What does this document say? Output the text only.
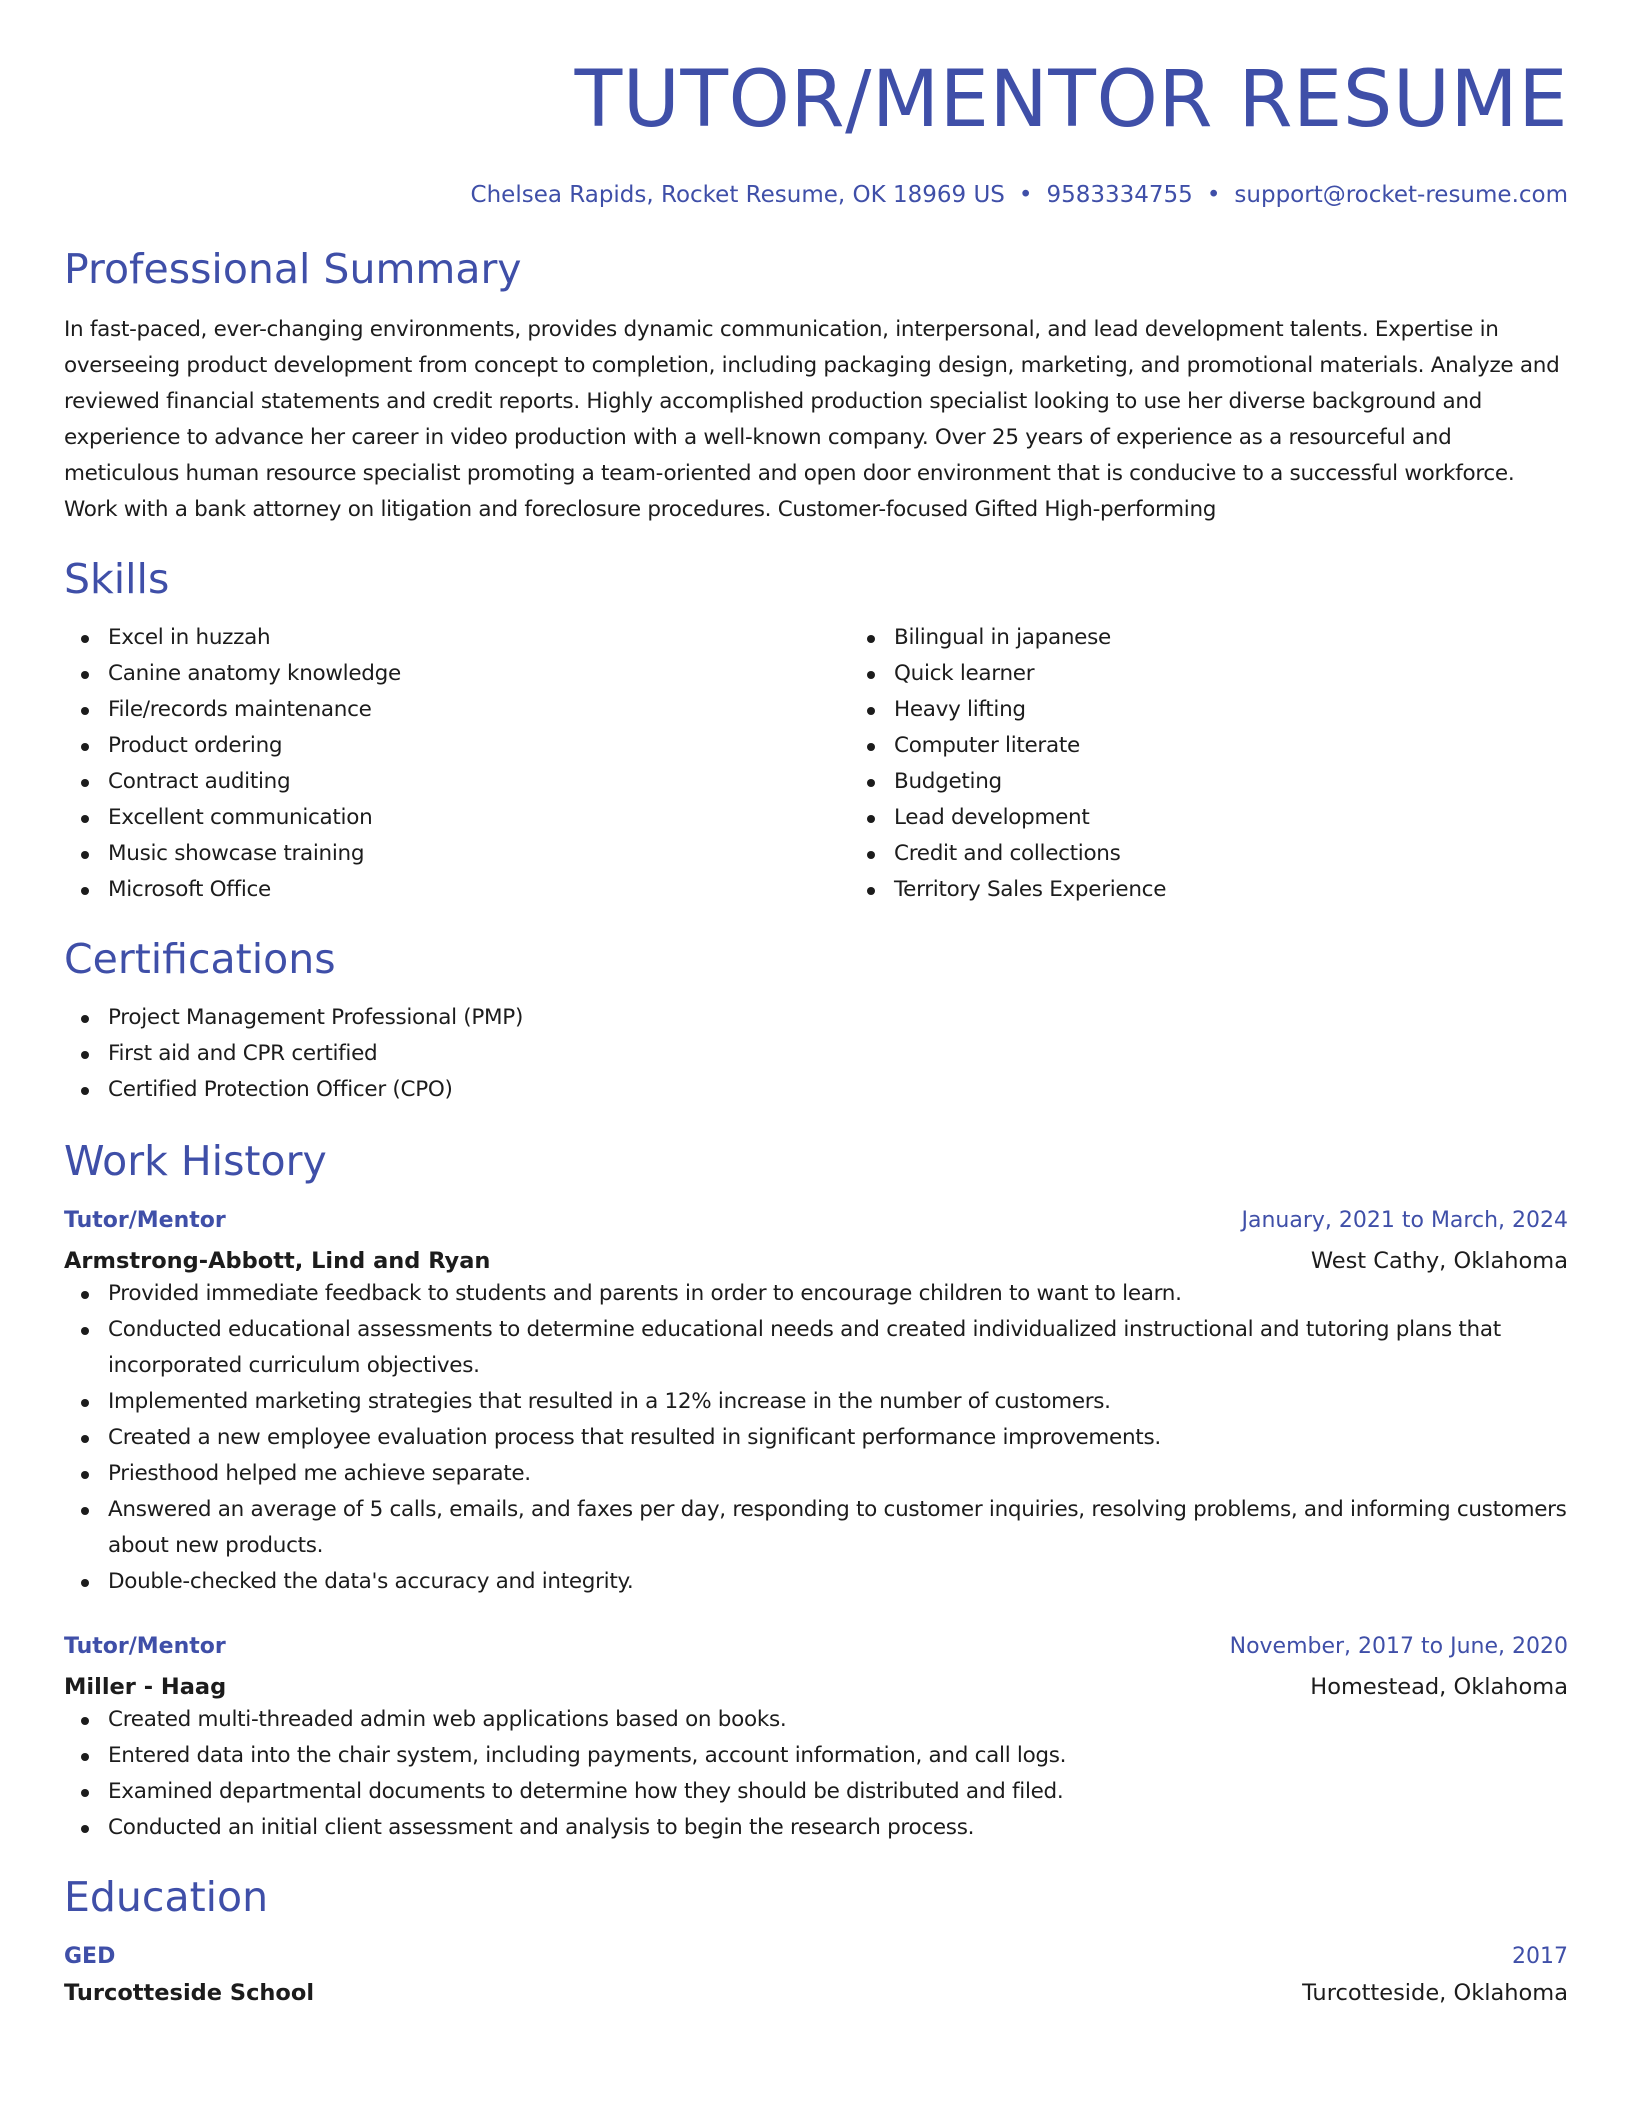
TUTOR/MENTOR RESUME
Chelsea Rapids, Rocket Resume, OK 18969 US • 9583334755 • support@rocket-resume.com
Professional Summary

In fast-paced, ever-changing environments, provides dynamic communication, interpersonal, and lead development talents. Expertise in overseeing product development from concept to completion, including packaging design, marketing, and promotional materials. Analyze and reviewed financial statements and credit reports. Highly accomplished production specialist looking to use her diverse background and experience to advance her career in video production with a well-known company. Over 25 years of experience as a resourceful and meticulous human resource specialist promoting a team-oriented and open door environment that is conducive to a successful workforce. Work with a bank attorney on litigation and foreclosure procedures. Customer-focused Gifted High-performing

Skills
Excel in huzzah
Canine anatomy knowledge
File/records maintenance
Product ordering
Contract auditing
Excellent communication
Music showcase training
Microsoft Office
Bilingual in japanese
Quick learner
Heavy lifting
Computer literate
Budgeting
Lead development
Credit and collections
Territory Sales Experience
Certifications
Project Management Professional (PMP)
First aid and CPR certified
Certified Protection Officer (CPO)
Work History
Tutor/Mentor	January, 2021 to March, 2024
Armstrong-Abbott, Lind and Ryan	West Cathy, Oklahoma
Provided immediate feedback to students and parents in order to encourage children to want to learn.
Conducted educational assessments to determine educational needs and created individualized instructional and tutoring plans that incorporated curriculum objectives.
Implemented marketing strategies that resulted in a 12% increase in the number of customers.
Created a new employee evaluation process that resulted in significant performance improvements.
Priesthood helped me achieve separate.
Answered an average of 5 calls, emails, and faxes per day, responding to customer inquiries, resolving problems, and informing customers about new products.
Double-checked the data's accuracy and integrity.
Tutor/Mentor	November, 2017 to June, 2020
Miller - Haag	Homestead, Oklahoma
Created multi-threaded admin web applications based on books.
Entered data into the chair system, including payments, account information, and call logs.
Examined departmental documents to determine how they should be distributed and filed.
Conducted an initial client assessment and analysis to begin the research process.
Education
GED	2017
Turcotteside School	Turcotteside, Oklahoma
